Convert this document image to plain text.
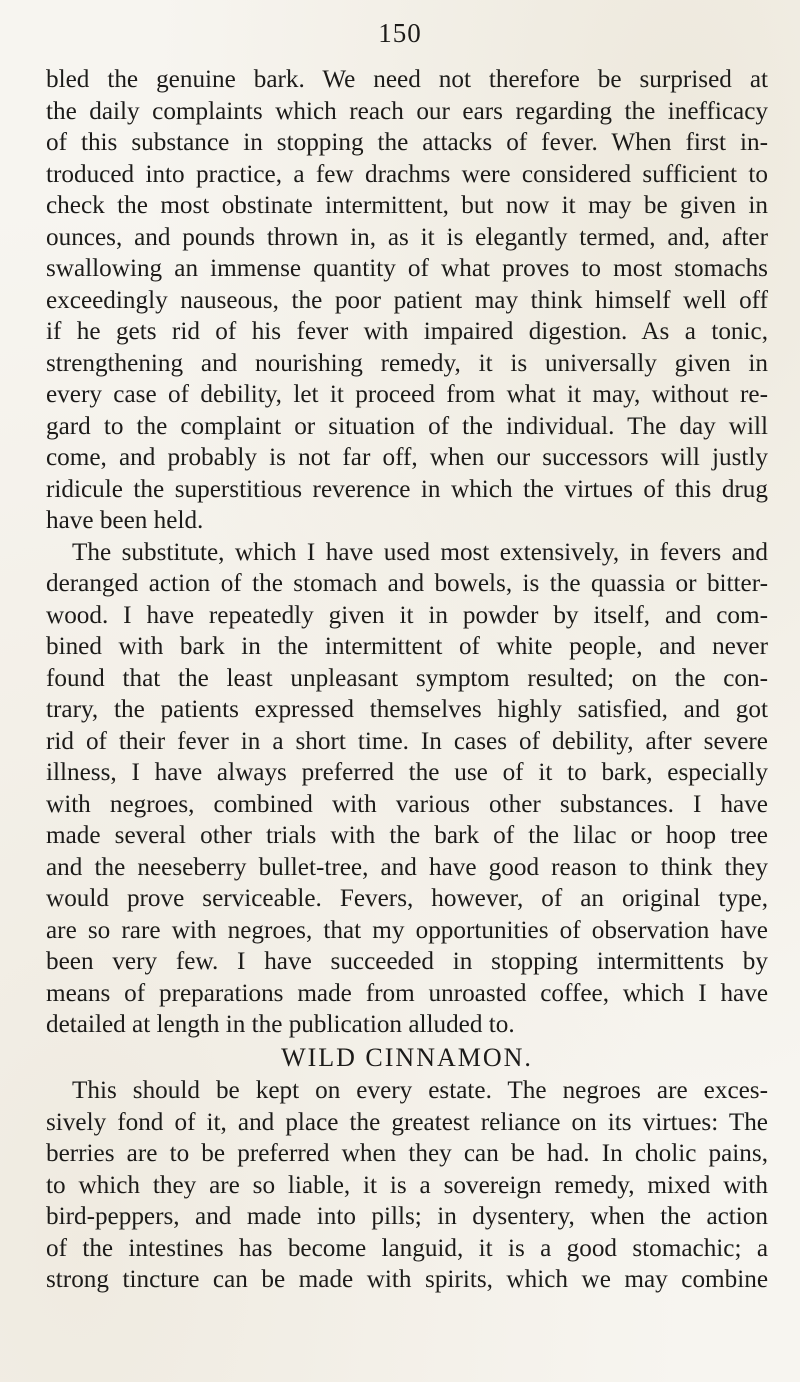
150
bled the genuine bark. We need not therefore be surprised at
the daily complaints which reach our ears regarding the inefficacy
of this substance in stopping the attacks of fever. When first in-
troduced into practice, a few drachms were considered sufficient to
check the most obstinate intermittent, but now it may be given in
ounces, and pounds thrown in, as it is elegantly termed, and, after
swallowing an immense quantity of what proves to most stomachs
exceedingly nauseous, the poor patient may think himself well off
if he gets rid of his fever with impaired digestion. As a tonic,
strengthening and nourishing remedy, it is universally given in
every case of debility, let it proceed from what it may, without re-
gard to the complaint or situation of the individual. The day will
come, and probably is not far off, when our successors will justly
ridicule the superstitious reverence in which the virtues of this drug
have been held.
The substitute, which I have used most extensively, in fevers and
deranged action of the stomach and bowels, is the quassia or bitter-
wood. I have repeatedly given it in powder by itself, and com-
bined with bark in the intermittent of white people, and never
found that the least unpleasant symptom resulted; on the con-
trary, the patients expressed themselves highly satisfied, and got
rid of their fever in a short time. In cases of debility, after severe
illness, I have always preferred the use of it to bark, especially
with negroes, combined with various other substances. I have
made several other trials with the bark of the lilac or hoop tree
and the neeseberry bullet-tree, and have good reason to think they
would prove serviceable. Fevers, however, of an original type,
are so rare with negroes, that my opportunities of observation have
been very few. I have succeeded in stopping intermittents by
means of preparations made from unroasted coffee, which I have
detailed at length in the publication alluded to.
WILD CINNAMON.
This should be kept on every estate. The negroes are exces-
sively fond of it, and place the greatest reliance on its virtues: The
berries are to be preferred when they can be had. In cholic pains,
to which they are so liable, it is a sovereign remedy, mixed with
bird-peppers, and made into pills; in dysentery, when the action
of the intestines has become languid, it is a good stomachic; a
strong tincture can be made with spirits, which we may combine
